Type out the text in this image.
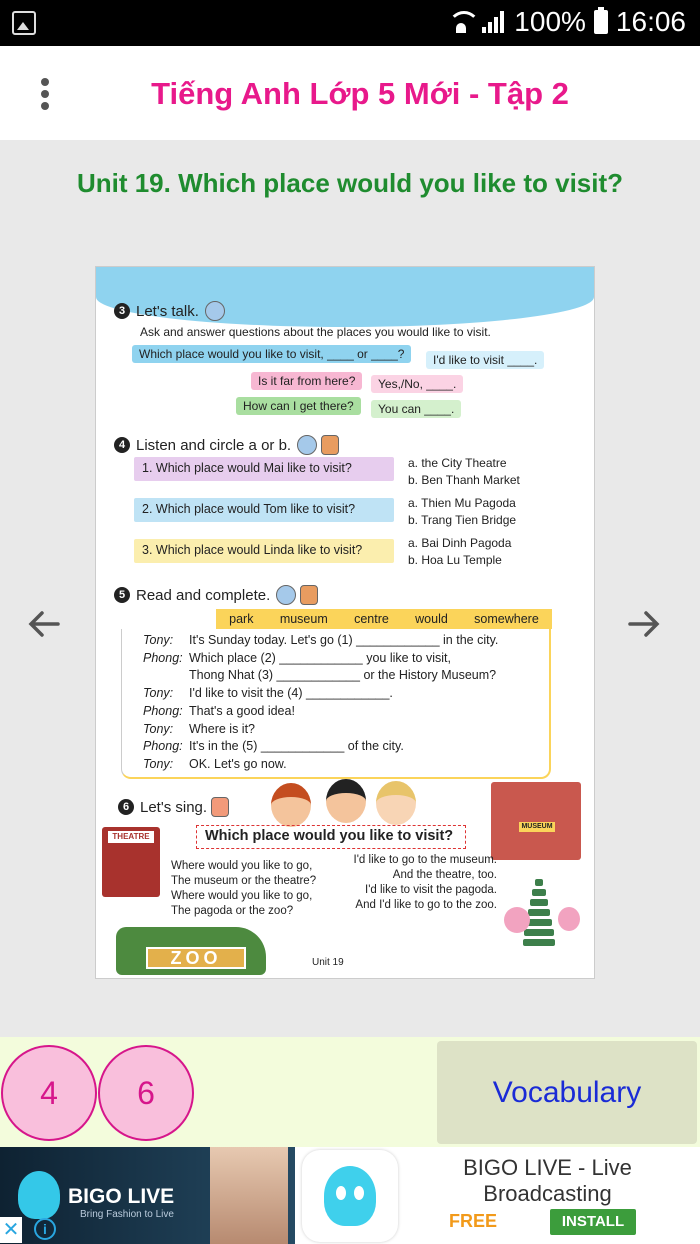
100% 16:06
Tiếng Anh Lớp 5 Mới - Tập 2
Unit 19. Which place would you like to visit?
3 Let's talk.
Ask and answer questions about the places you would like to visit.
Which place would you like to visit, ____ or ____?	I'd like to visit ____.
Is it far from here?	Yes,/No, ____.
How can I get there?	You can ____.
4 Listen and circle a or b.
1. Which place would Mai like to visit?	a. the City Theatre
b. Ben Thanh Market
2. Which place would Tom like to visit?	a. Thien Mu Pagoda
b. Trang Tien Bridge
3. Which place would Linda like to visit?	a. Bai Dinh Pagoda
b. Hoa Lu Temple
5 Read and complete.
park museum centre would somewhere
Tony: It's Sunday today. Let's go (1) ____________ in the city.
Phong: Which place (2) ____________ you like to visit,
Thong Nhat (3) ____________ or the History Museum?
Tony: I'd like to visit the (4) ____________.
Phong: That's a good idea!
Tony: Where is it?
Phong: It's in the (5) ____________ of the city.
Tony: OK. Let's go now.
6 Let's sing.
Which place would you like to visit?
THEATRE
MUSEUM
Where would you like to go,
The museum or the theatre?
Where would you like to go,
The pagoda or the zoo?
I'd like to go to the museum.
And the theatre, too.
I'd like to visit the pagoda.
And I'd like to go to the zoo.
ZOO	Unit 19
4	6	Vocabulary
BIGO LIVE
Bring Fashion to Live
✕	i
BIGO LIVE - Live Broadcasting
FREE	INSTALL
